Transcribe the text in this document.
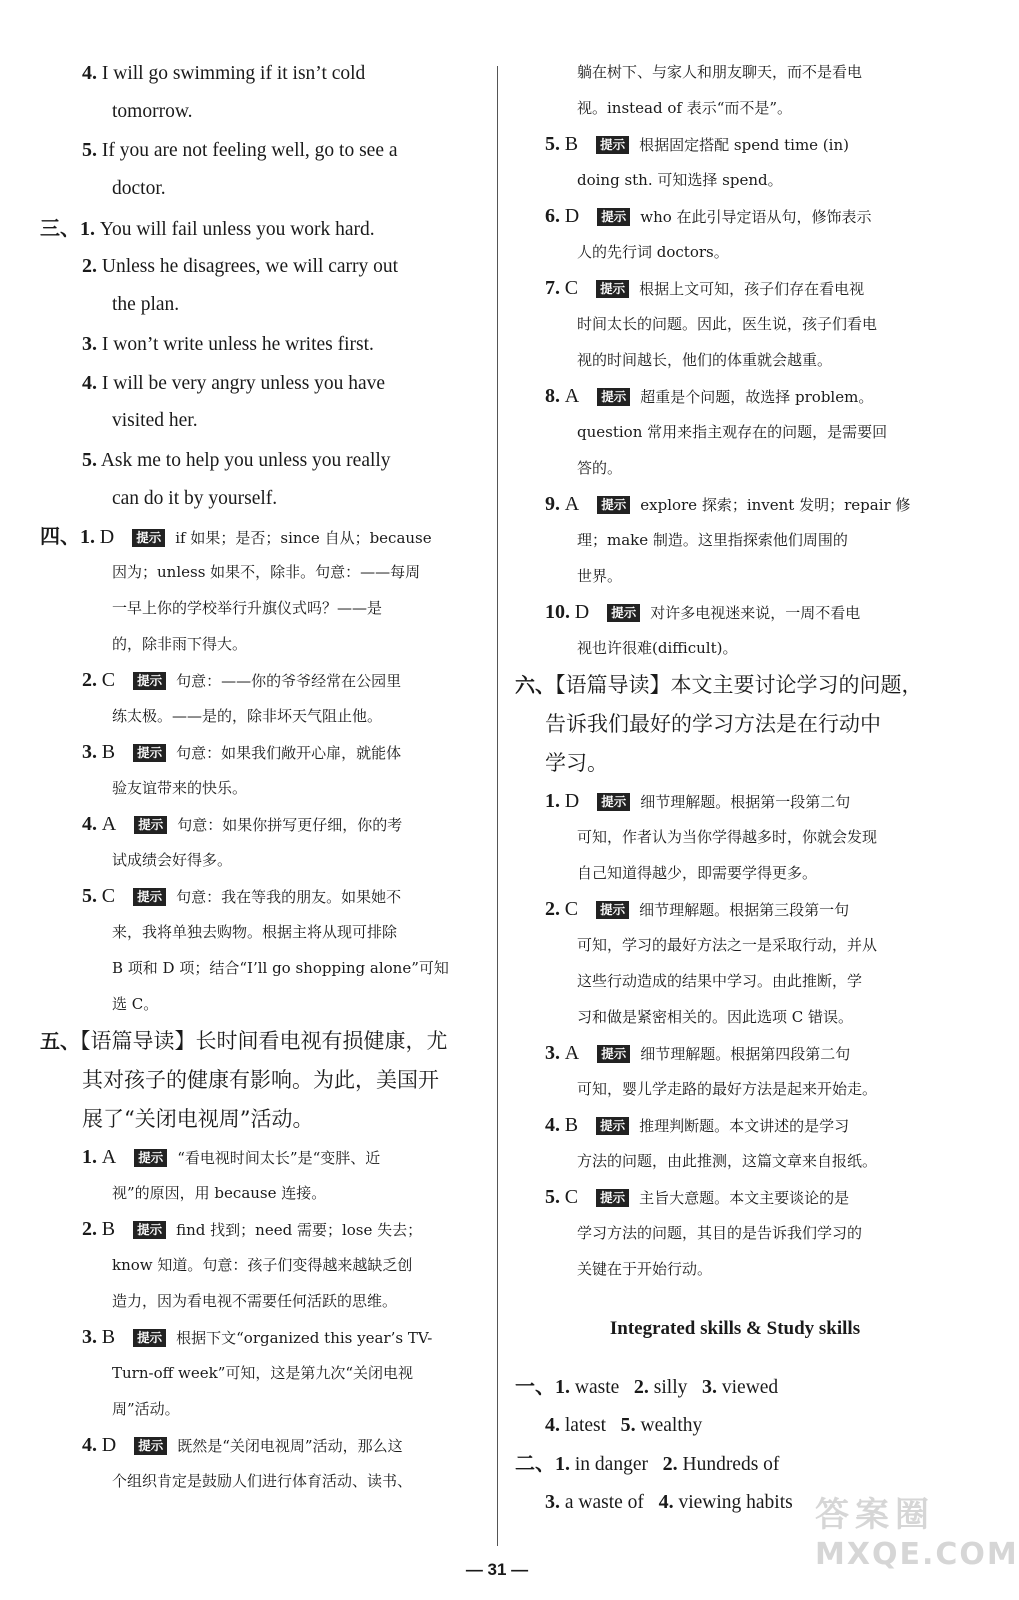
4. I will go swimming if it isn’t cold
tomorrow.
5. If you are not feeling well, go to see a
doctor.
三、1. You will fail unless you work hard.
2. Unless he disagrees, we will carry out
the plan.
3. I won’t write unless he writes first.
4. I will be very angry unless you have
visited her.
5. Ask me to help you unless you really
can do it by yourself.
四、1. D 提示 if 如果；是否；since 自从；because
因为；unless 如果不，除非。句意：——每周
一早上你的学校举行升旗仪式吗？——是
的，除非雨下得大。
2. C 提示 句意：——你的爷爷经常在公园里
练太极。——是的，除非坏天气阻止他。
3. B 提示 句意：如果我们敞开心扉，就能体
验友谊带来的快乐。
4. A 提示 句意：如果你拼写更仔细，你的考
试成绩会好得多。
5. C 提示 句意：我在等我的朋友。如果她不
来，我将单独去购物。根据主将从现可排除
B 项和 D 项；结合“I’ll go shopping alone”可知
选 C。
五、【语篇导读】长时间看电视有损健康，尤
其对孩子的健康有影响。为此，美国开
展了“关闭电视周”活动。
1. A 提示 “看电视时间太长”是“变胖、近
视”的原因，用 because 连接。
2. B 提示 find 找到；need 需要；lose 失去；
know 知道。句意：孩子们变得越来越缺乏创
造力，因为看电视不需要任何活跃的思维。
3. B 提示 根据下文“organized this year’s TV-
Turn-off week”可知，这是第九次“关闭电视
周”活动。
4. D 提示 既然是“关闭电视周”活动，那么这
个组织肯定是鼓励人们进行体育活动、读书、
躺在树下、与家人和朋友聊天，而不是看电
视。instead of 表示“而不是”。
5. B 提示 根据固定搭配 spend time (in)
doing sth. 可知选择 spend。
6. D 提示 who 在此引导定语从句，修饰表示
人的先行词 doctors。
7. C 提示 根据上文可知，孩子们存在看电视
时间太长的问题。因此，医生说，孩子们看电
视的时间越长，他们的体重就会越重。
8. A 提示 超重是个问题，故选择 problem。
question 常用来指主观存在的问题，是需要回
答的。
9. A 提示 explore 探索；invent 发明；repair 修
理；make 制造。这里指探索他们周围的
世界。
10. D 提示 对许多电视迷来说，一周不看电
视也许很难(difficult)。
六、【语篇导读】本文主要讨论学习的问题，
告诉我们最好的学习方法是在行动中
学习。
1. D 提示 细节理解题。根据第一段第二句
可知，作者认为当你学得越多时，你就会发现
自己知道得越少，即需要学得更多。
2. C 提示 细节理解题。根据第三段第一句
可知，学习的最好方法之一是采取行动，并从
这些行动造成的结果中学习。由此推断，学
习和做是紧密相关的。因此选项 C 错误。
3. A 提示 细节理解题。根据第四段第二句
可知，婴儿学走路的最好方法是起来开始走。
4. B 提示 推理判断题。本文讲述的是学习
方法的问题，由此推测，这篇文章来自报纸。
5. C 提示 主旨大意题。本文主要谈论的是
学习方法的问题，其目的是告诉我们学习的
关键在于开始行动。
Integrated skills & Study skills
一、1. waste 2. silly 3. viewed
4. latest 5. wealthy
二、1. in danger 2. Hundreds of
3. a waste of 4. viewing habits
— 31 —
答案圈
MXQE.COM
